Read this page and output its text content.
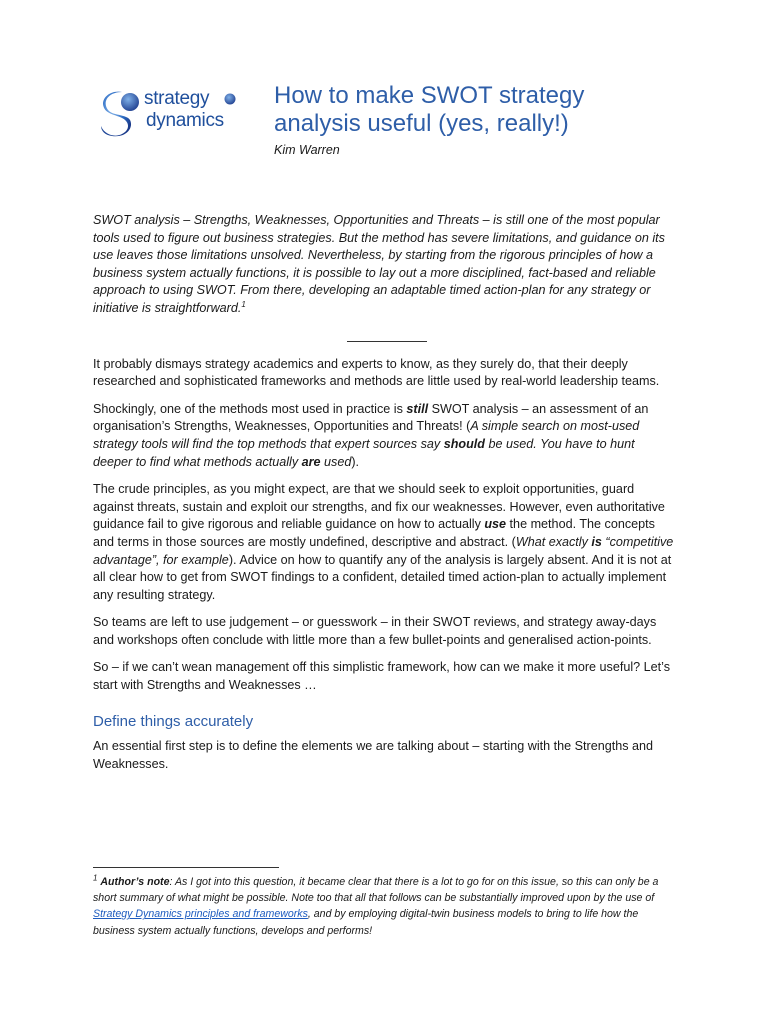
strategy
dynamics
How to make SWOT strategy
analysis useful (yes, really!)
Kim Warren

SWOT analysis – Strengths, Weaknesses, Opportunities and Threats – is still one of the most popular tools used to figure out business strategies. But the method has severe limitations, and guidance on its use leaves those limitations unsolved. Nevertheless, by starting from the rigorous principles of how a business system actually functions, it is possible to lay out a more disciplined, fact-based and reliable approach to using SWOT. From there, developing an adaptable timed action-plan for any strategy or initiative is straightforward.$^1$

It probably dismays strategy academics and experts to know, as they surely do, that their deeply researched and sophisticated frameworks and methods are little used by real-world leadership teams.

Shockingly, one of the methods most used in practice is still SWOT analysis – an assessment of an organisation’s Strengths, Weaknesses, Opportunities and Threats! (A simple search on most-used strategy tools will find the top methods that expert sources say should be used. You have to hunt deeper to find what methods actually are used).

The crude principles, as you might expect, are that we should seek to exploit opportunities, guard against threats, sustain and exploit our strengths, and fix our weaknesses. However, even authoritative guidance fail to give rigorous and reliable guidance on how to actually use the method. The concepts and terms in those sources are mostly undefined, descriptive and abstract. (What exactly is “competitive advantage”, for example). Advice on how to quantify any of the analysis is largely absent. And it is not at all clear how to get from SWOT findings to a confident, detailed timed action-plan to actually implement any resulting strategy.

So teams are left to use judgement – or guesswork – in their SWOT reviews, and strategy away-days and workshops often conclude with little more than a few bullet-points and generalised action-points.

So – if we can’t wean management off this simplistic framework, how can we make it more useful? Let’s start with Strengths and Weaknesses …

Define things accurately

An essential first step is to define the elements we are talking about – starting with the Strengths and Weaknesses.

$^1$ Author’s note: As I got into this question, it became clear that there is a lot to go for on this issue, so this can only be a short summary of what might be possible. Note too that all that follows can be substantially improved upon by the use of Strategy Dynamics principles and frameworks, and by employing digital-twin business models to bring to life how the business system actually functions, develops and performs!
